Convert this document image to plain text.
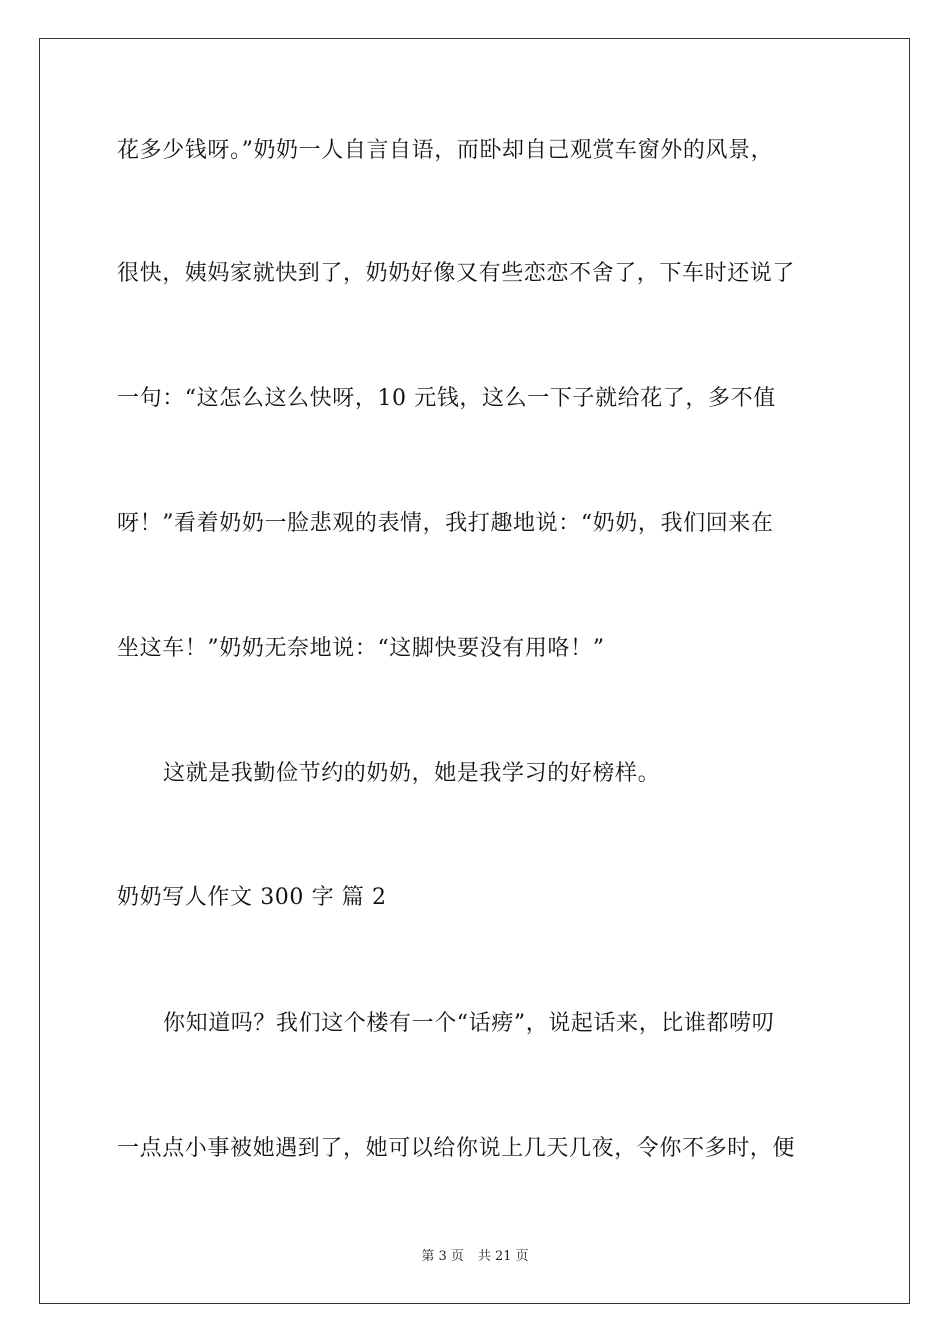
花多少钱呀。”奶奶一人自言自语，而卧却自己观赏车窗外的风景，
很快，姨妈家就快到了，奶奶好像又有些恋恋不舍了，下车时还说了
一句：“这怎么这么快呀，10 元钱，这么一下子就给花了，多不值
呀！”看着奶奶一脸悲观的表情，我打趣地说：“奶奶，我们回来在
坐这车！”奶奶无奈地说：“这脚快要没有用咯！”
这就是我勤俭节约的奶奶，她是我学习的好榜样。
奶奶写人作文 300 字 篇 2
你知道吗？我们这个楼有一个“话痨”，说起话来，比谁都唠叨
一点点小事被她遇到了，她可以给你说上几天几夜，令你不多时，便
第 3 页 共 21 页
